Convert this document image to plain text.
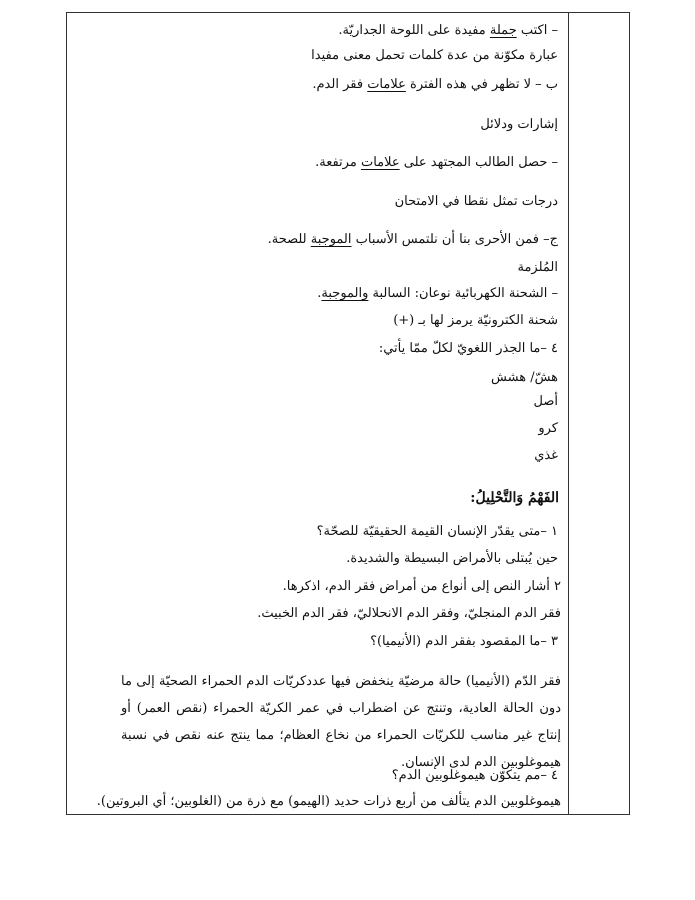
– اكتب جملة مفيدة على اللوحة الجداريّة.
عبارة مكوّنة من عدة كلمات تحمل معنى مفيدا
ب – لا تظهر في هذه الفترة علامات فقر الدم.
إشارات ودلائل
– حصل الطالب المجتهد على علامات مرتفعة.
درجات تمثل نقطا في الامتحان
ج– فمن الأحرى بنا أن نلتمس الأسباب الموجبة للصحة.
المُلزمة
– الشحنة الكهربائية نوعان: السالبة والموجبة.
شحنة الكترونيّة يرمز لها بـ (+)
٤ –ما الجذر اللغويّ لكلّ ممّا يأتي:
هشّ/ هشش
أصل
كرو
غذي
١ –متى يقدّر الإنسان القيمة الحقيقيّة للصحّة؟
حين يُبتلى بالأمراض البسيطة والشديدة.
٢ أشار النص إلى أنواع من أمراض فقر الدم، اذكرها.
فقر الدم المنجليّ، وفقر الدم الانحلاليّ، فقر الدم الخبيث.
٣ –ما المقصود بفقر الدم (الأنيميا)؟
٤ –مم يتكوّن هيموغلوبين الدم؟
هيموغلوبين الدم يتألف من أربع ذرات حديد (الهيمو) مع ذرة من (الغلوبين؛ أي البروتين).
الفَهْمُ وَالتَّحْلِيلُ:
فقر الدّم (الأنيميا) حالة مرضيّة ينخفض فيها عددكريّات الدم الحمراء الصحيّة إلى ما دون الحالة العادية، وتنتج عن اضطراب في عمر الكريّة الحمراء (نقص العمر) أو إنتاج غير مناسب للكريّات الحمراء من نخاع العظام؛ مما ينتج عنه نقص في نسبة هيموغلوبين الدم لدى الإنسان.
